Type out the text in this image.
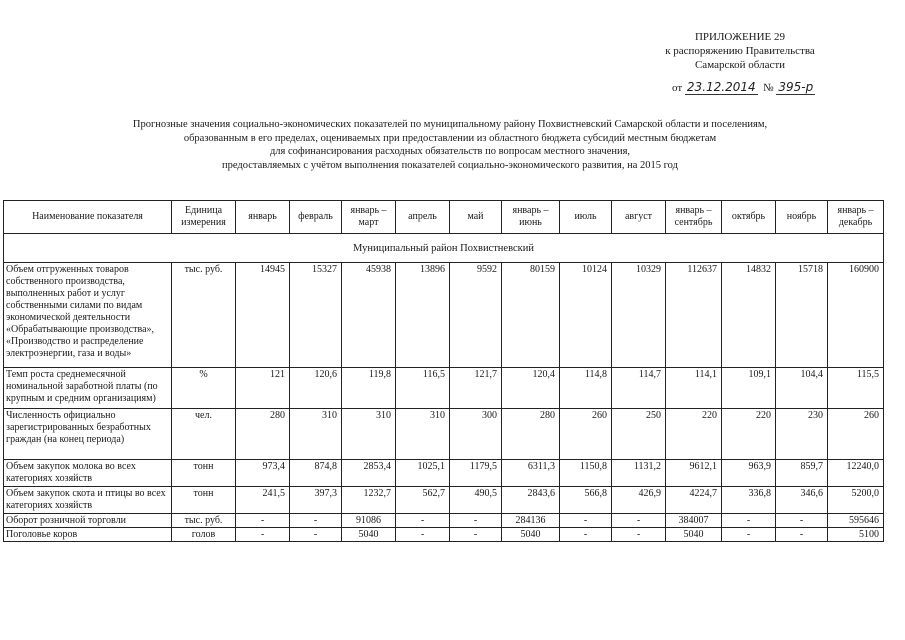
ПРИЛОЖЕНИЕ 29
к распоряжению Правительства
Самарской области
от 23.12.2014 № 395-р
Прогнозные значения социально-экономических показателей по муниципальному району Похвистневский Самарской области и поселениям,
образованным в его пределах, оцениваемых при предоставлении из областного бюджета субсидий местным бюджетам
для софинансирования расходных обязательств по вопросам местного значения,
предоставляемых с учётом выполнения показателей социально-экономического развития, на 2015 год
Наименование показателя	Единица измерения	январь	февраль	январь – март	апрель	май	январь – июнь	июль	август	январь – сентябрь	октябрь	ноябрь	январь – декабрь
Муниципальный район Похвистневский													
Объем отгруженных товаров собственного производства, выполненных работ и услуг собственными силами по видам экономической деятельности «Обрабатывающие производства», «Производство и распределение электроэнергии, газа и воды»	тыс. руб.	14945	15327	45938	13896	9592	80159	10124	10329	112637	14832	15718	160900
Темп роста среднемесячной номинальной заработной платы (по крупным и средним организациям)	%	121	120,6	119,8	116,5	121,7	120,4	114,8	114,7	114,1	109,1	104,4	115,5
Численность официально зарегистрированных безработных граждан (на конец периода)	чел.	280	310	310	310	300	280	260	250	220	220	230	260
Объем закупок молока во всех категориях хозяйств	тонн	973,4	874,8	2853,4	1025,1	1179,5	6311,3	1150,8	1131,2	9612,1	963,9	859,7	12240,0
Объем закупок скота и птицы во всех категориях хозяйств	тонн	241,5	397,3	1232,7	562,7	490,5	2843,6	566,8	426,9	4224,7	336,8	346,6	5200,0
Оборот розничной торговли	тыс. руб.	-	-	91086	-	-	284136	-	-	384007	-	-	595646
Поголовье коров	голов	-	-	5040	-	-	5040	-	-	5040	-	-	5100
